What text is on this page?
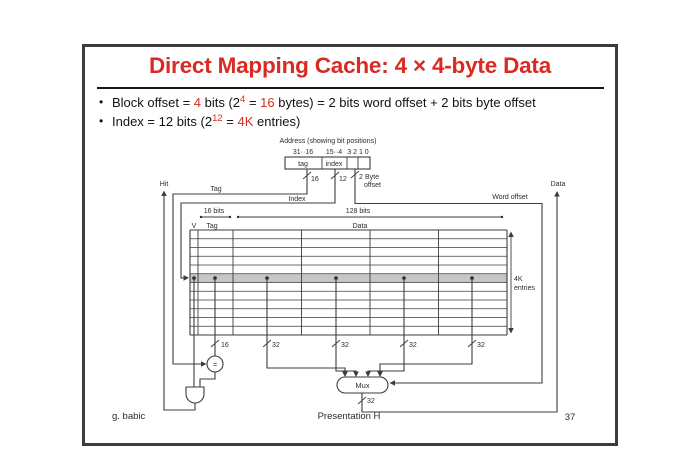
Direct Mapping Cache: 4 × 4-byte Data
• Block offset = 4 bits ($2^4 = 16$ bytes) = 2 bits word offset + 2 bits byte offset
• Index = 12 bits ($2^{12} = 4K$ entries)
Address (showing bit positions)
31··16 15··4 3 2 1 0
tag	index
16	12 2 Byte
offset
Hit
Tag
Index	Word offset
Data
16 bits	128 bits
V Tag	Data
4K
entries
16	32	32	32	32
=
Mux
32
g. babic	Presentation H	37
